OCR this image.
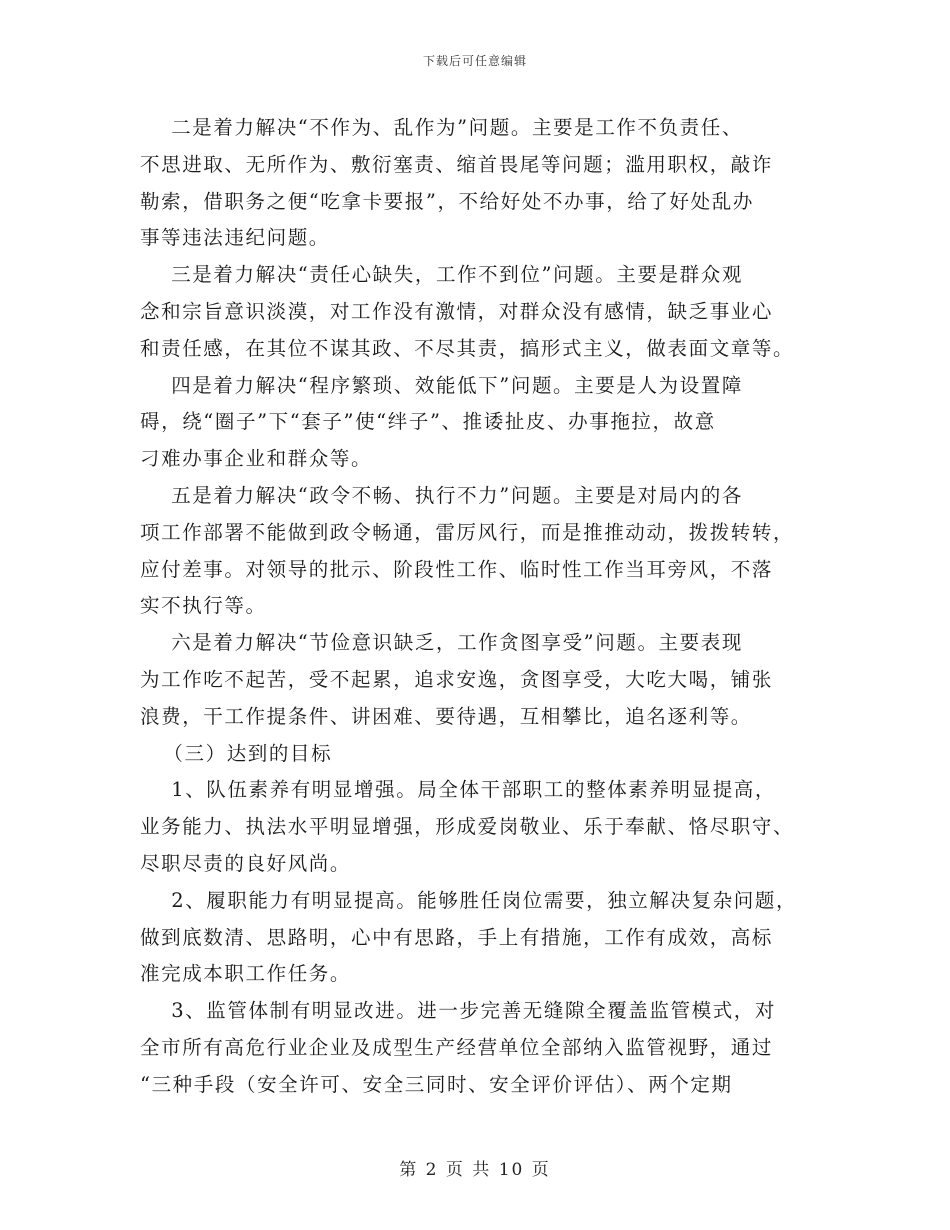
下载后可任意编辑

二是着力解决“不作为、乱作为”问题。主要是工作不负责任、

不思进取、无所作为、敷衍塞责、缩首畏尾等问题；滥用职权，敲诈

勒索，借职务之便“吃拿卡要报”，不给好处不办事，给了好处乱办

事等违法违纪问题。

三是着力解决“责任心缺失，工作不到位”问题。主要是群众观

念和宗旨意识淡漠，对工作没有激情，对群众没有感情，缺乏事业心

和责任感，在其位不谋其政、不尽其责，搞形式主义，做表面文章等。

四是着力解决“程序繁琐、效能低下”问题。主要是人为设置障

碍，绕“圈子”下“套子”使“绊子”、推诿扯皮、办事拖拉，故意

刁难办事企业和群众等。

五是着力解决“政令不畅、执行不力”问题。主要是对局内的各

项工作部署不能做到政令畅通，雷厉风行，而是推推动动，拨拨转转，

应付差事。对领导的批示、阶段性工作、临时性工作当耳旁风，不落

实不执行等。

六是着力解决“节俭意识缺乏，工作贪图享受”问题。主要表现

为工作吃不起苦，受不起累，追求安逸，贪图享受，大吃大喝，铺张

浪费，干工作提条件、讲困难、要待遇，互相攀比，追名逐利等。

（三）达到的目标

1、队伍素养有明显增强。局全体干部职工的整体素养明显提高，

业务能力、执法水平明显增强，形成爱岗敬业、乐于奉献、恪尽职守、

尽职尽责的良好风尚。

2、履职能力有明显提高。能够胜任岗位需要，独立解决复杂问题，

做到底数清、思路明，心中有思路，手上有措施，工作有成效，高标

准完成本职工作任务。

3、监管体制有明显改进。进一步完善无缝隙全覆盖监管模式，对

全市所有高危行业企业及成型生产经营单位全部纳入监管视野，通过

“三种手段（安全许可、安全三同时、安全评价评估）、两个定期

第 2 页 共 10 页
